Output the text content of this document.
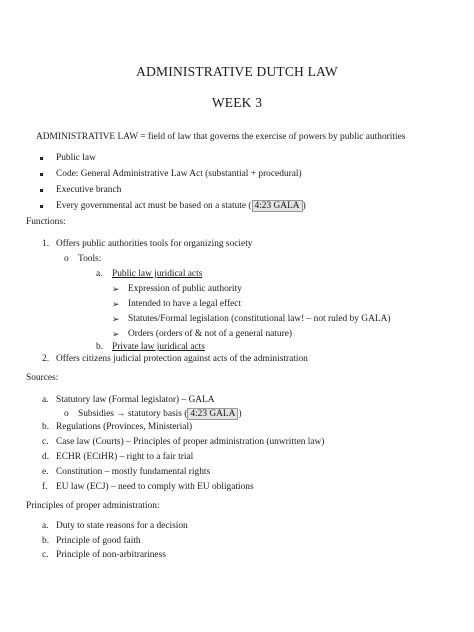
ADMINISTRATIVE DUTCH LAW
WEEK 3
ADMINISTRATIVE LAW = field of law that governs the exercise of powers by public authorities
Public law
Code: General Administrative Law Act (substantial + procedural)
Executive branch
Every governmental act must be based on a statute ( 4:23 GALA )
Functions:
1. Offers public authorities tools for organizing society
o Tools:
a. Public law juridical acts
➢ Expression of public authority
➢ Intended to have a legal effect
➢ Statutes/Formal legislation (constitutional law! – not ruled by GALA)
➢ Orders (orders of & not of a general nature)
b. Private law juridical acts
2. Offers citizens judicial protection against acts of the administration
Sources:
a. Statutory law (Formal legislator) – GALA
o Subsidies → statutory basis ( 4:23 GALA )
b. Regulations (Provinces, Ministerial)
c. Case law (Courts) – Principles of proper administration (unwritten law)
d. ECHR (ECtHR) – right to a fair trial
e. Constitution – mostly fundamental rights
f. EU law (ECJ) – need to comply with EU obligations
Principles of proper administration:
a. Duty to state reasons for a decision
b. Principle of good faith
c. Principle of non-arbitrariness
